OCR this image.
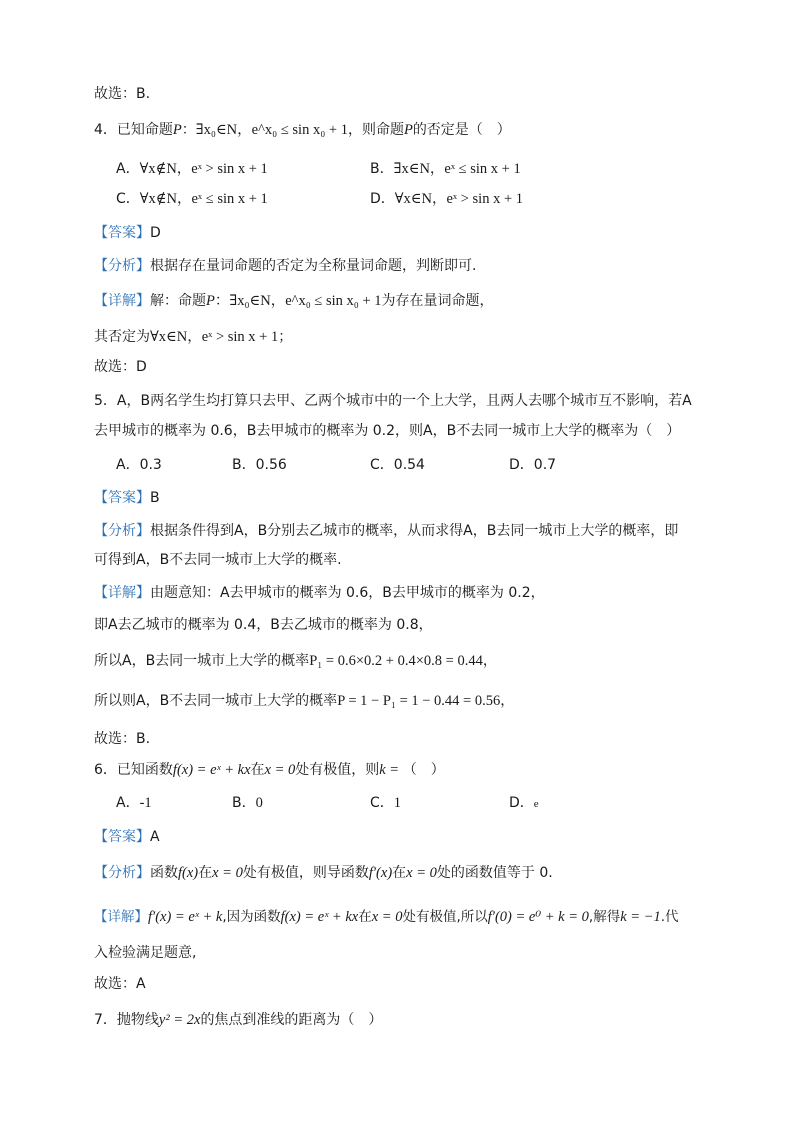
故选：B.
4．已知命题P：∃x₀∈N，e^x₀ ≤ sin x₀ + 1，则命题P的否定是（　）
A．∀x∉N，eˣ > sin x + 1	B．∃x∈N，eˣ ≤ sin x + 1
C．∀x∉N，eˣ ≤ sin x + 1	D．∀x∈N，eˣ > sin x + 1
【答案】D
【分析】根据存在量词命题的否定为全称量词命题，判断即可.
【详解】解：命题P：∃x₀∈N，e^x₀ ≤ sin x₀ + 1为存在量词命题，
其否定为∀x∈N，eˣ > sin x + 1；
故选：D
5．A，B两名学生均打算只去甲、乙两个城市中的一个上大学，且两人去哪个城市互不影响，若A
去甲城市的概率为 0.6，B去甲城市的概率为 0.2，则A，B不去同一城市上大学的概率为（　）
A．0.3	B．0.56	C．0.54	D．0.7
【答案】B
【分析】根据条件得到A，B分别去乙城市的概率，从而求得A，B去同一城市上大学的概率，即
可得到A，B不去同一城市上大学的概率.
【详解】由题意知：A去甲城市的概率为 0.6，B去甲城市的概率为 0.2，
即A去乙城市的概率为 0.4，B去乙城市的概率为 0.8，
所以A，B去同一城市上大学的概率P₁ = 0.6×0.2 + 0.4×0.8 = 0.44，
所以则A，B不去同一城市上大学的概率P = 1 − P₁ = 1 − 0.44 = 0.56，
故选：B.
6．已知函数f(x) = eˣ + kx在x = 0处有极值，则k = （　）
A．-1	B．0	C．1	D．e
【答案】A
【分析】函数f(x)在x = 0处有极值，则导函数f′(x)在x = 0处的函数值等于 0.
【详解】f′(x) = eˣ + k,因为函数f(x) = eˣ + kx在x = 0处有极值,所以f′(0) = e⁰ + k = 0,解得k = −1.代
入检验满足题意,
故选：A
7．抛物线y² = 2x的焦点到准线的距离为（　）
